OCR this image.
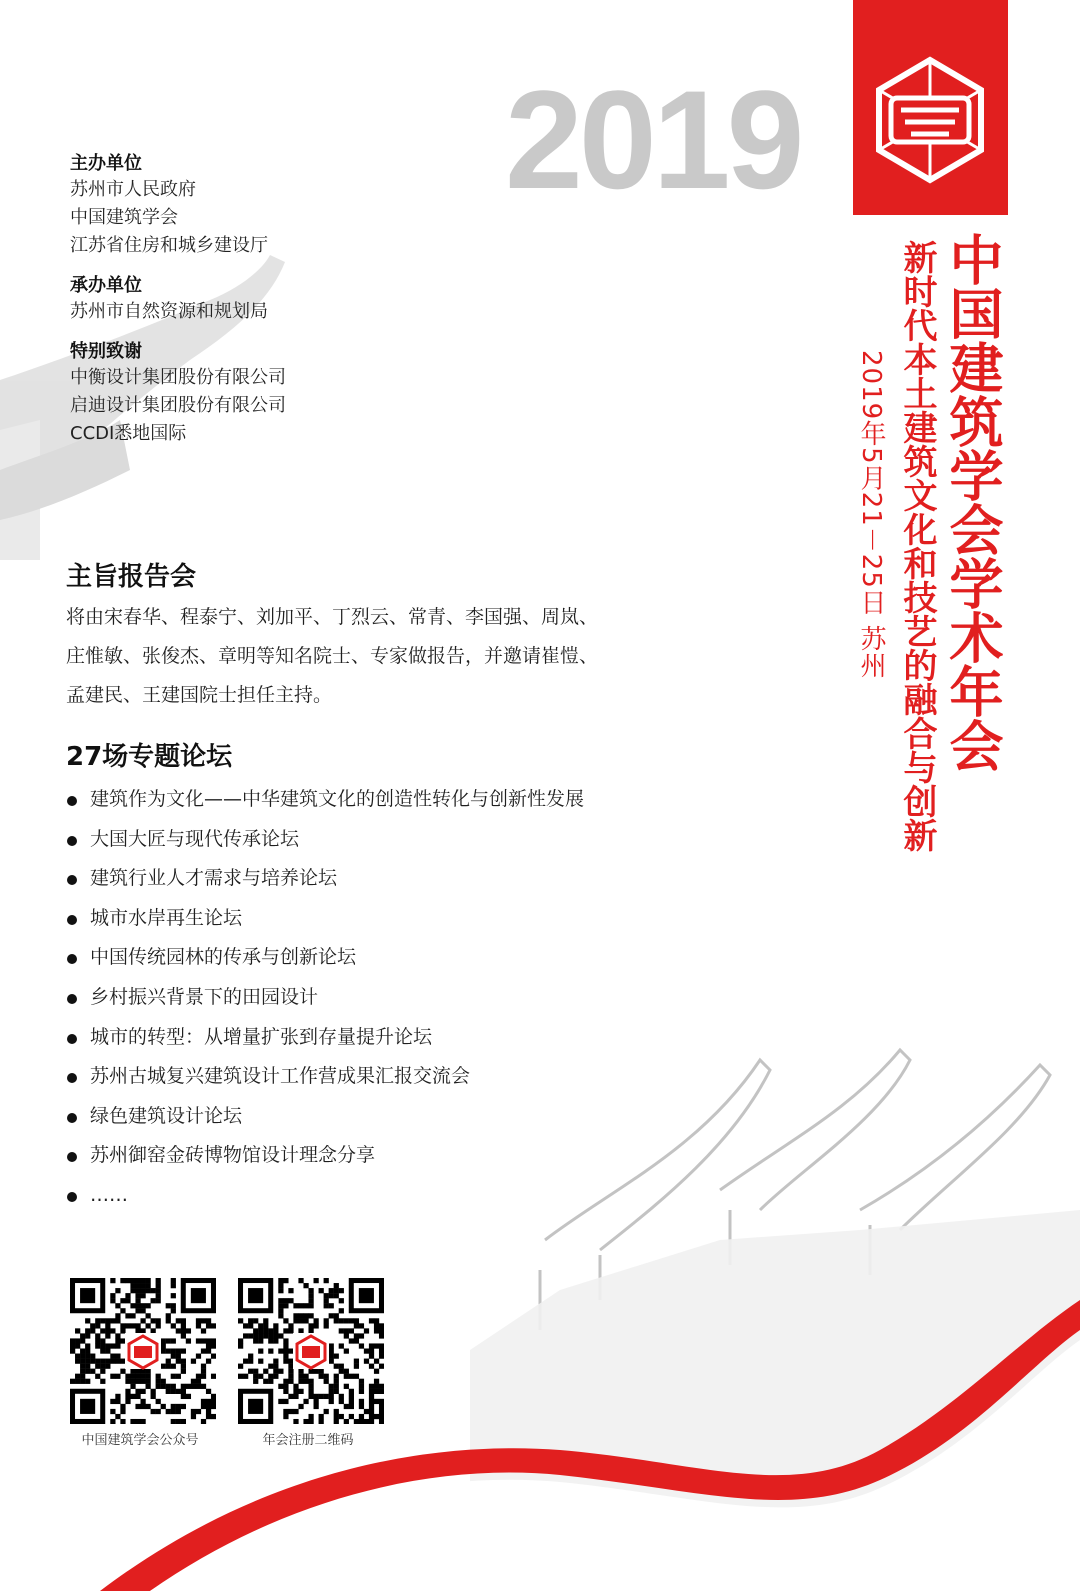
2019
中国建筑学会学术年会
新时代本土建筑文化和技艺的融合与创新
2019年5月21－25日 苏州
主办单位
苏州市人民政府
中国建筑学会
江苏省住房和城乡建设厅
承办单位
苏州市自然资源和规划局
特别致谢
中衡设计集团股份有限公司
启迪设计集团股份有限公司
CCDI悉地国际
主旨报告会
将由宋春华、程泰宁、刘加平、丁烈云、常青、李国强、周岚、
庄惟敏、张俊杰、章明等知名院士、专家做报告，并邀请崔愷、
孟建民、王建国院士担任主持。
27场专题论坛
建筑作为文化——中华建筑文化的创造性转化与创新性发展
大国大匠与现代传承论坛
建筑行业人才需求与培养论坛
城市水岸再生论坛
中国传统园林的传承与创新论坛
乡村振兴背景下的田园设计
城市的转型：从增量扩张到存量提升论坛
苏州古城复兴建筑设计工作营成果汇报交流会
绿色建筑设计论坛
苏州御窑金砖博物馆设计理念分享
……
中国建筑学会公众号	年会注册二维码
